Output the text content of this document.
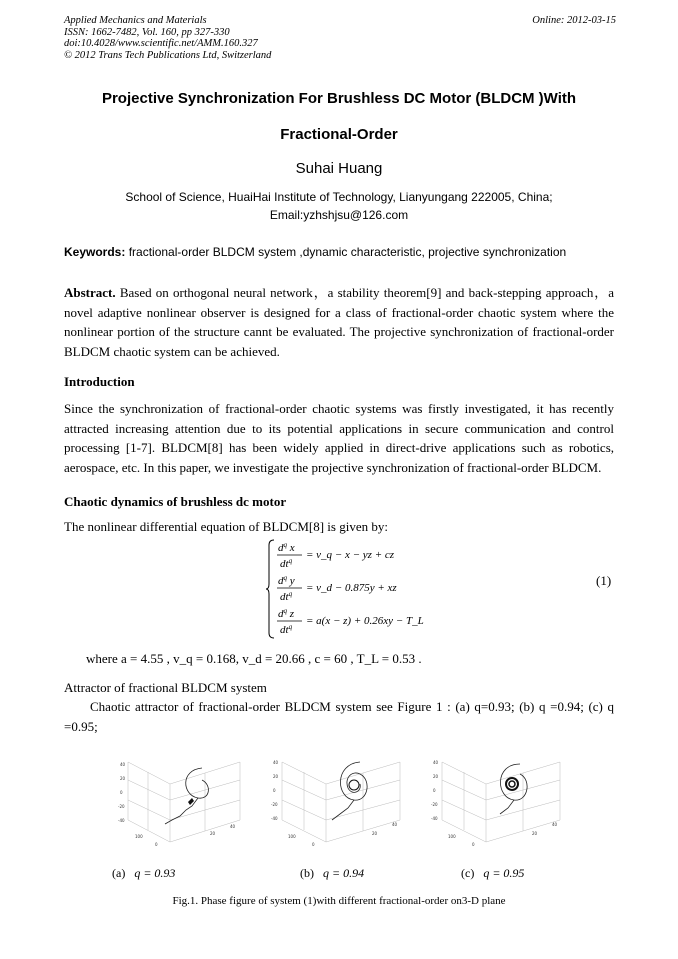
Applied Mechanics and Materials
ISSN: 1662-7482, Vol. 160, pp 327-330
doi:10.4028/www.scientific.net/AMM.160.327
© 2012 Trans Tech Publications Ltd, Switzerland
Online: 2012-03-15
Projective Synchronization For Brushless DC Motor (BLDCM )With
Fractional-Order
Suhai Huang
School of Science, HuaiHai Institute of Technology, Lianyungang 222005, China;
Email:yzhshjsu@126.com
Keywords: fractional-order BLDCM system ,dynamic characteristic, projective synchronization
Abstract. Based on orthogonal neural network，a stability theorem[9] and back-stepping approach，a novel adaptive nonlinear observer is designed for a class of fractional-order chaotic system where the nonlinear portion of the structure cannt be evaluated. The projective synchronization of fractional-order BLDCM chaotic system can be achieved.
Introduction
Since the synchronization of fractional-order chaotic systems was firstly investigated, it has recently attracted increasing attention due to its potential applications in secure communication and control processing [1-7]. BLDCM[8] has been widely applied in direct-drive applications such as robotics, aerospace, etc. In this paper, we investigate the projective synchronization of fractional-order BLDCM.
Chaotic dynamics of brushless dc motor
The nonlinear differential equation of BLDCM[8] is given by:
$d^q$ x
$dt^q$
$d^q$ y
$dt^q$
$d^q$ z
$dt^q$
= v_q − x − yz + cz
= v_d − 0.875y + xz
= a(x − z) + 0.26xy − T_L
(1)
where a = 4.55 , v_q = 0.168, v_d = 20.66 , c = 60 , T_L = 0.53 .
Attractor of fractional BLDCM system
Chaotic attractor of fractional-order BLDCM system see Figure 1 : (a) q=0.93; (b) q =0.94; (c) q =0.95;
40
20
0
-20
-40
100
0
20
40
40
20
0
-20
-40
100
0
20
40
40
20
0
-20
-40
100
0
20
40
(a) q = 0.93	(b) q = 0.94	(c) q = 0.95
Fig.1. Phase figure of system (1)with different fractional-order on3-D plane
